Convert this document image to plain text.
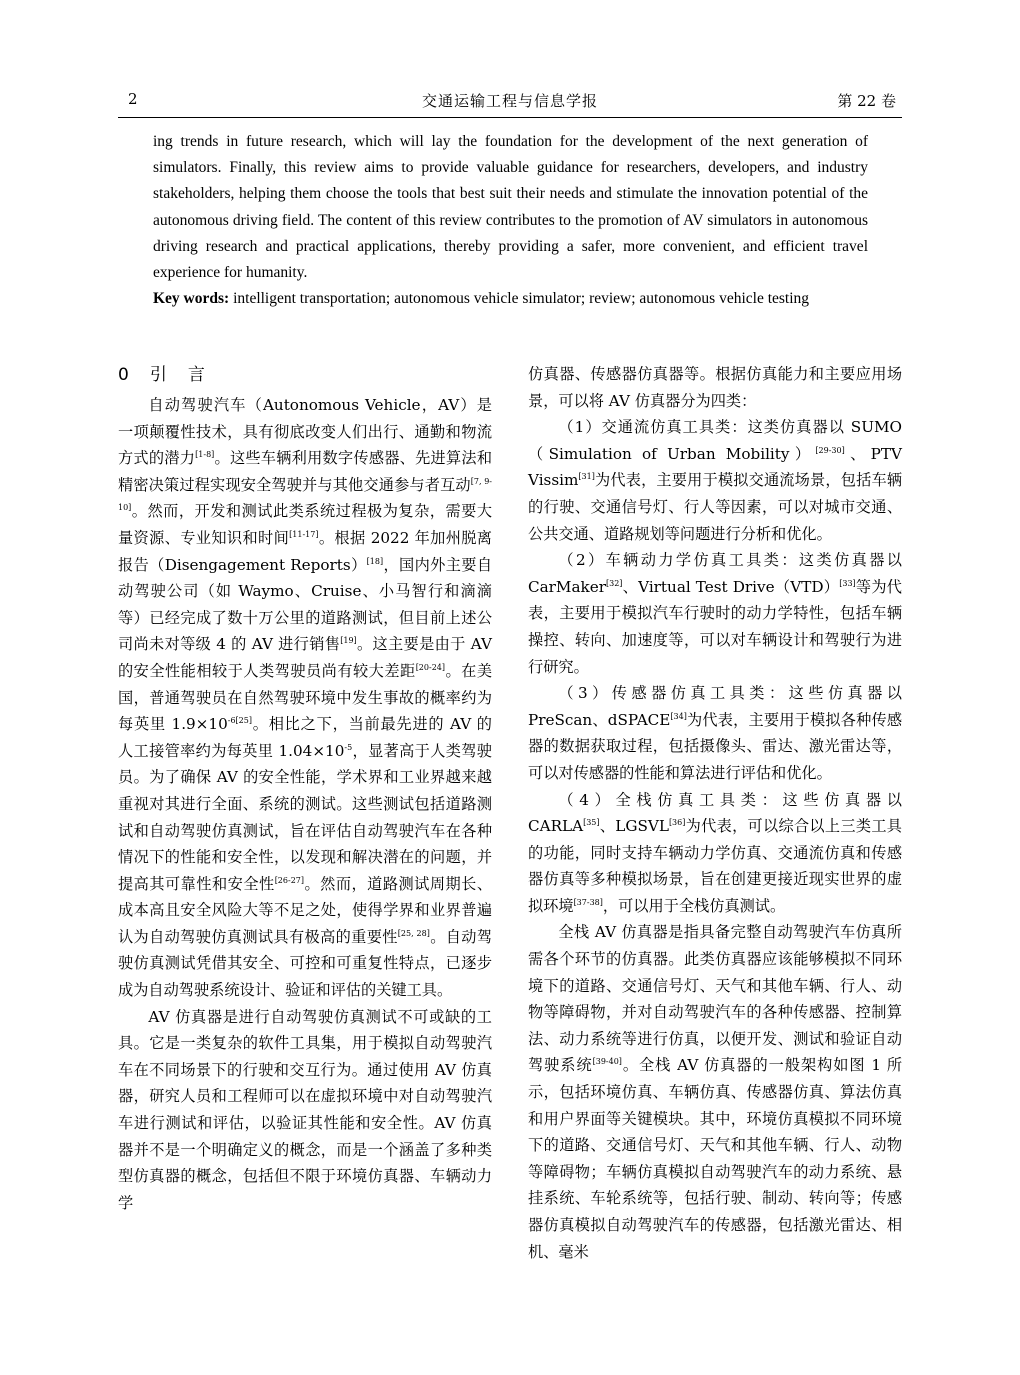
2	交通运输工程与信息学报	第 22 卷

ing trends in future research, which will lay the foundation for the development of the next generation of simulators. Finally, this review aims to provide valuable guidance for researchers, developers, and industry stakeholders, helping them choose the tools that best suit their needs and stimulate the innovation potential of the autonomous driving field. The content of this review contributes to the promotion of AV simulators in autonomous driving research and practical applications, thereby providing a safer, more convenient, and efficient travel experience for humanity.

Key words: intelligent transportation; autonomous vehicle simulator; review; autonomous vehicle testing

0　引　言

自动驾驶汽车（Autonomous Vehicle，AV）是一项颠覆性技术，具有彻底改变人们出行、通勤和物流方式的潜力[1-8]。这些车辆利用数字传感器、先进算法和精密决策过程实现安全驾驶并与其他交通参与者互动[7, 9-10]。然而，开发和测试此类系统过程极为复杂，需要大量资源、专业知识和时间[11-17]。根据 2022 年加州脱离报告（Disengagement Reports）[18]，国内外主要自动驾驶公司（如 Waymo、Cruise、小马智行和滴滴等）已经完成了数十万公里的道路测试，但目前上述公司尚未对等级 4 的 AV 进行销售[19]。这主要是由于 AV 的安全性能相较于人类驾驶员尚有较大差距[20-24]。在美国，普通驾驶员在自然驾驶环境中发生事故的概率约为每英里 $1.9\times 10^{-6[25]}$。相比之下，当前最先进的 AV 的人工接管率约为每英里 $1.04\times 10^{-5}$，显著高于人类驾驶员。为了确保 AV 的安全性能，学术界和工业界越来越重视对其进行全面、系统的测试。这些测试包括道路测试和自动驾驶仿真测试，旨在评估自动驾驶汽车在各种情况下的性能和安全性，以发现和解决潜在的问题，并提高其可靠性和安全性[26-27]。然而，道路测试周期长、成本高且安全风险大等不足之处，使得学界和业界普遍认为自动驾驶仿真测试具有极高的重要性[25, 28]。自动驾驶仿真测试凭借其安全、可控和可重复性特点，已逐步成为自动驾驶系统设计、验证和评估的关键工具。

AV 仿真器是进行自动驾驶仿真测试不可或缺的工具。它是一类复杂的软件工具集，用于模拟自动驾驶汽车在不同场景下的行驶和交互行为。通过使用 AV 仿真器，研究人员和工程师可以在虚拟环境中对自动驾驶汽车进行测试和评估，以验证其性能和安全性。AV 仿真器并不是一个明确定义的概念，而是一个涵盖了多种类型仿真器的概念，包括但不限于环境仿真器、车辆动力学

仿真器、传感器仿真器等。根据仿真能力和主要应用场景，可以将 AV 仿真器分为四类：

（1）交通流仿真工具类：这类仿真器以 SUMO（Simulation of Urban Mobility）[29-30]、PTV Vissim[31]为代表，主要用于模拟交通流场景，包括车辆的行驶、交通信号灯、行人等因素，可以对城市交通、公共交通、道路规划等问题进行分析和优化。

（2）车辆动力学仿真工具类：这类仿真器以 CarMaker[32]、Virtual Test Drive（VTD）[33]等为代表，主要用于模拟汽车行驶时的动力学特性，包括车辆操控、转向、加速度等，可以对车辆设计和驾驶行为进行研究。

（3）传感器仿真工具类：这些仿真器以 PreScan、dSPACE[34]为代表，主要用于模拟各种传感器的数据获取过程，包括摄像头、雷达、激光雷达等，可以对传感器的性能和算法进行评估和优化。

（4）全栈仿真工具类：这些仿真器以 CARLA[35]、LGSVL[36]为代表，可以综合以上三类工具的功能，同时支持车辆动力学仿真、交通流仿真和传感器仿真等多种模拟场景，旨在创建更接近现实世界的虚拟环境[37-38]，可以用于全栈仿真测试。

全栈 AV 仿真器是指具备完整自动驾驶汽车仿真所需各个环节的仿真器。此类仿真器应该能够模拟不同环境下的道路、交通信号灯、天气和其他车辆、行人、动物等障碍物，并对自动驾驶汽车的各种传感器、控制算法、动力系统等进行仿真，以便开发、测试和验证自动驾驶系统[39-40]。全栈 AV 仿真器的一般架构如图 1 所示，包括环境仿真、车辆仿真、传感器仿真、算法仿真和用户界面等关键模块。其中，环境仿真模拟不同环境下的道路、交通信号灯、天气和其他车辆、行人、动物等障碍物；车辆仿真模拟自动驾驶汽车的动力系统、悬挂系统、车轮系统等，包括行驶、制动、转向等；传感器仿真模拟自动驾驶汽车的传感器，包括激光雷达、相机、毫米
